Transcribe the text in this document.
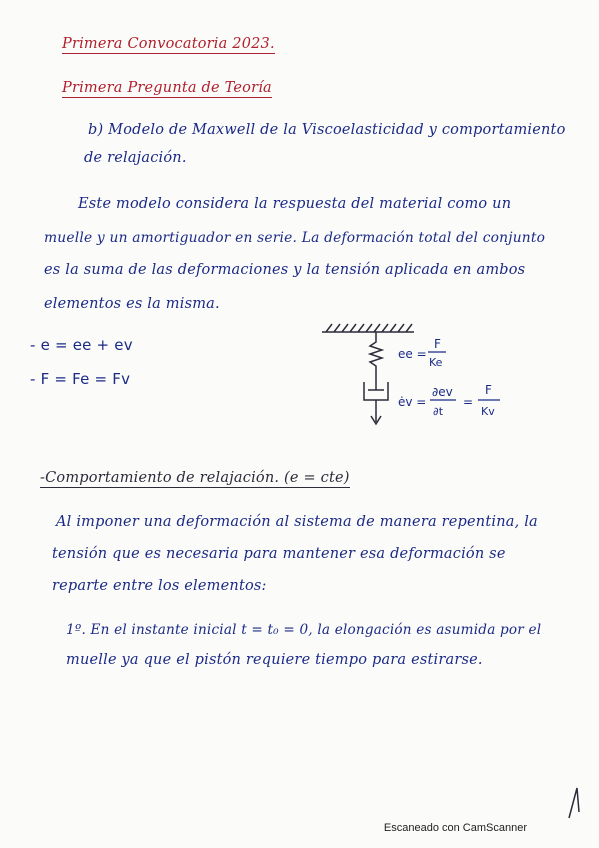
Primera Convocatoria 2023.
Primera Pregunta de Teoría
b) Modelo de Maxwell de la Viscoelasticidad y comportamiento
de relajación.
Este modelo considera la respuesta del material como un
muelle y un amortiguador en serie. La deformación total del conjunto
es la suma de las deformaciones y la tensión aplicada en ambos
elementos es la misma.
- e = ee + ev
- F = Fe = Fv
ee =
F
Ke
ėv =
∂ev
∂t
=
F
Kv
-Comportamiento de relajación. (e = cte)
Al imponer una deformación al sistema de manera repentina, la
tensión que es necesaria para mantener esa deformación se
reparte entre los elementos:
1º. En el instante inicial t = t₀ = 0, la elongación es asumida por el
muelle ya que el pistón requiere tiempo para estirarse.
Escaneado con CamScanner
